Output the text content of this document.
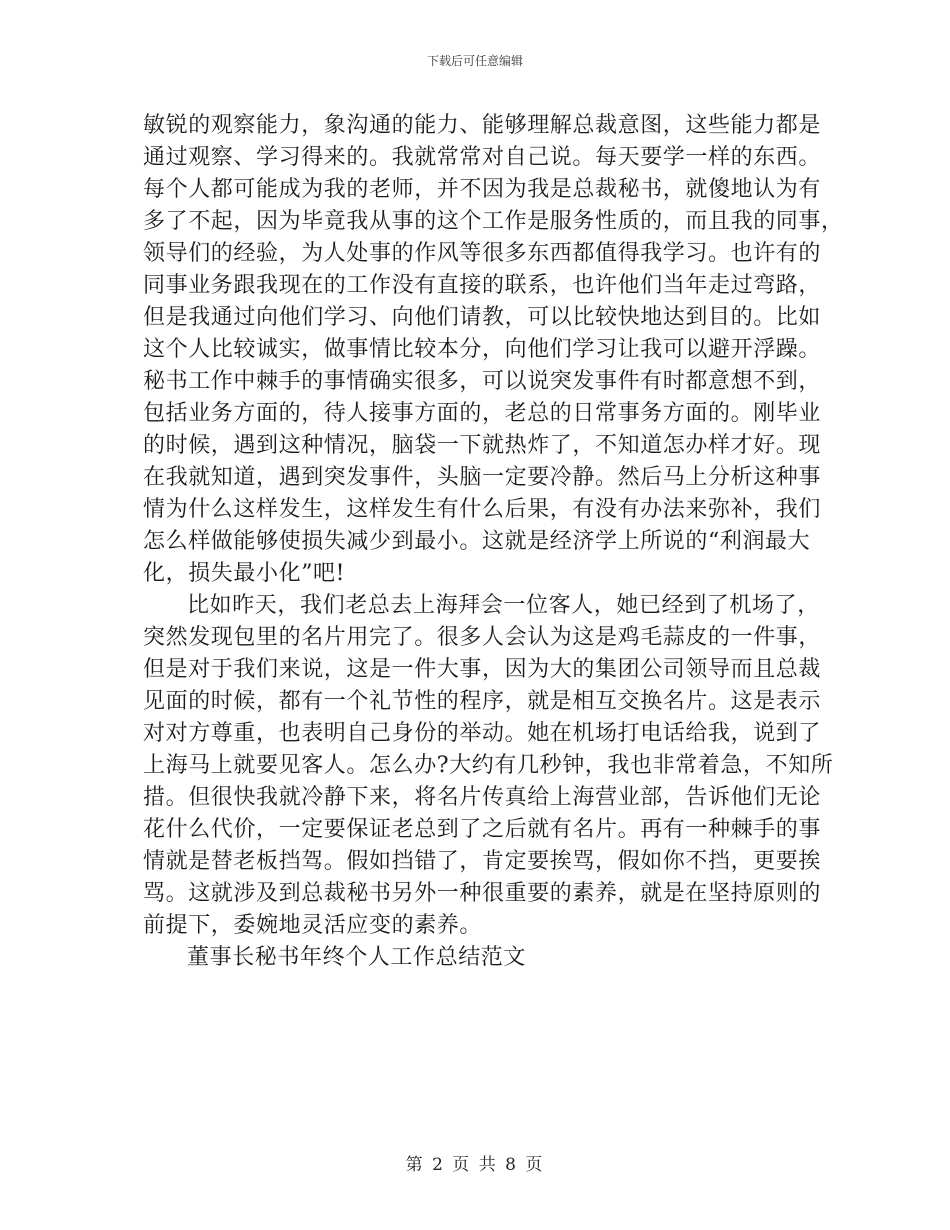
下载后可任意编辑
敏锐的观察能力，象沟通的能力、能够理解总裁意图，这些能力都是
通过观察、学习得来的。我就常常对自己说。每天要学一样的东西。
每个人都可能成为我的老师，并不因为我是总裁秘书，就傻地认为有
多了不起，因为毕竟我从事的这个工作是服务性质的，而且我的同事，
领导们的经验，为人处事的作风等很多东西都值得我学习。也许有的
同事业务跟我现在的工作没有直接的联系，也许他们当年走过弯路，
但是我通过向他们学习、向他们请教，可以比较快地达到目的。比如
这个人比较诚实，做事情比较本分，向他们学习让我可以避开浮躁。
秘书工作中棘手的事情确实很多，可以说突发事件有时都意想不到，
包括业务方面的，待人接事方面的，老总的日常事务方面的。刚毕业
的时候，遇到这种情况，脑袋一下就热炸了，不知道怎办样才好。现
在我就知道，遇到突发事件，头脑一定要冷静。然后马上分析这种事
情为什么这样发生，这样发生有什么后果，有没有办法来弥补，我们
怎么样做能够使损失减少到最小。这就是经济学上所说的“利润最大
化，损失最小化”吧!
比如昨天，我们老总去上海拜会一位客人，她已经到了机场了，
突然发现包里的名片用完了。很多人会认为这是鸡毛蒜皮的一件事，
但是对于我们来说，这是一件大事，因为大的集团公司领导而且总裁
见面的时候，都有一个礼节性的程序，就是相互交换名片。这是表示
对对方尊重，也表明自己身份的举动。她在机场打电话给我，说到了
上海马上就要见客人。怎么办?大约有几秒钟，我也非常着急，不知所
措。但很快我就冷静下来，将名片传真给上海营业部，告诉他们无论
花什么代价，一定要保证老总到了之后就有名片。再有一种棘手的事
情就是替老板挡驾。假如挡错了，肯定要挨骂，假如你不挡，更要挨
骂。这就涉及到总裁秘书另外一种很重要的素养，就是在坚持原则的
前提下，委婉地灵活应变的素养。
董事长秘书年终个人工作总结范文
第 2 页 共 8 页
